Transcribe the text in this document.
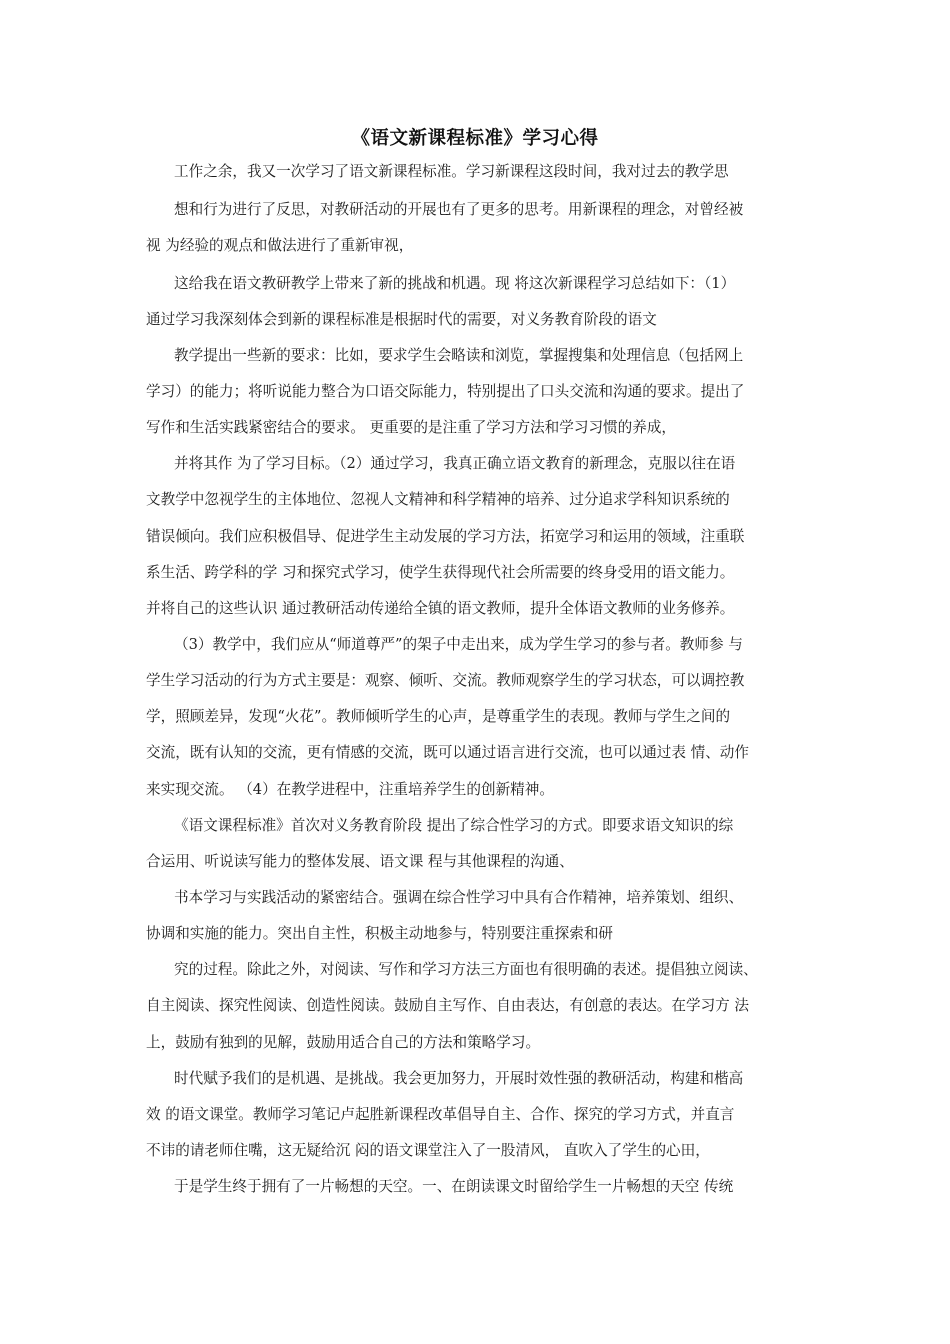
《语文新课程标准》学习心得
工作之余，我又一次学习了语文新课程标准。学习新课程这段时间，我对过去的教学思
想和行为进行了反思，对教研活动的开展也有了更多的思考。用新课程的理念，对曾经被
视 为经验的观点和做法进行了重新审视，
这给我在语文教研教学上带来了新的挑战和机遇。现 将这次新课程学习总结如下：（1）
通过学习我深刻体会到新的课程标准是根据时代的需要，对义务教育阶段的语文
教学提出一些新的要求：比如，要求学生会略读和浏览，掌握搜集和处理信息（包括网上
学习）的能力；将听说能力整合为口语交际能力，特别提出了口头交流和沟通的要求。提出了
写作和生活实践紧密结合的要求。 更重要的是注重了学习方法和学习习惯的养成，
并将其作 为了学习目标。（2）通过学习，我真正确立语文教育的新理念，克服以往在语
文教学中忽视学生的主体地位、忽视人文精神和科学精神的培养、过分追求学科知识系统的
错误倾向。我们应积极倡导、促进学生主动发展的学习方法，拓宽学习和运用的领域，注重联
系生活、跨学科的学 习和探究式学习，使学生获得现代社会所需要的终身受用的语文能力。
并将自己的这些认识 通过教研活动传递给全镇的语文教师，提升全体语文教师的业务修养。
（3）教学中，我们应从“师道尊严”的架子中走出来，成为学生学习的参与者。教师参 与
学生学习活动的行为方式主要是：观察、倾听、交流。教师观察学生的学习状态，可以调控教
学，照顾差异，发现“火花”。教师倾听学生的心声，是尊重学生的表现。教师与学生之间的
交流，既有认知的交流，更有情感的交流，既可以通过语言进行交流，也可以通过表 情、动作
来实现交流。 （4）在教学进程中，注重培养学生的创新精神。
《语文课程标准》首次对义务教育阶段 提出了综合性学习的方式。即要求语文知识的综
合运用、听说读写能力的整体发展、语文课 程与其他课程的沟通、
书本学习与实践活动的紧密结合。强调在综合性学习中具有合作精神，培养策划、组织、
协调和实施的能力。突出自主性，积极主动地参与，特别要注重探索和研
究的过程。除此之外，对阅读、写作和学习方法三方面也有很明确的表述。提倡独立阅读、
自主阅读、探究性阅读、创造性阅读。鼓励自主写作、自由表达，有创意的表达。在学习方 法
上，鼓励有独到的见解，鼓励用适合自己的方法和策略学习。
时代赋予我们的是机遇、是挑战。我会更加努力，开展时效性强的教研活动，构建和楷高
效 的语文课堂。教师学习笔记卢起胜新课程改革倡导自主、合作、探究的学习方式，并直言
不讳的请老师住嘴，这无疑给沉 闷的语文课堂注入了一股清风， 直吹入了学生的心田，
于是学生终于拥有了一片畅想的天空。一、在朗读课文时留给学生一片畅想的天空 传统
